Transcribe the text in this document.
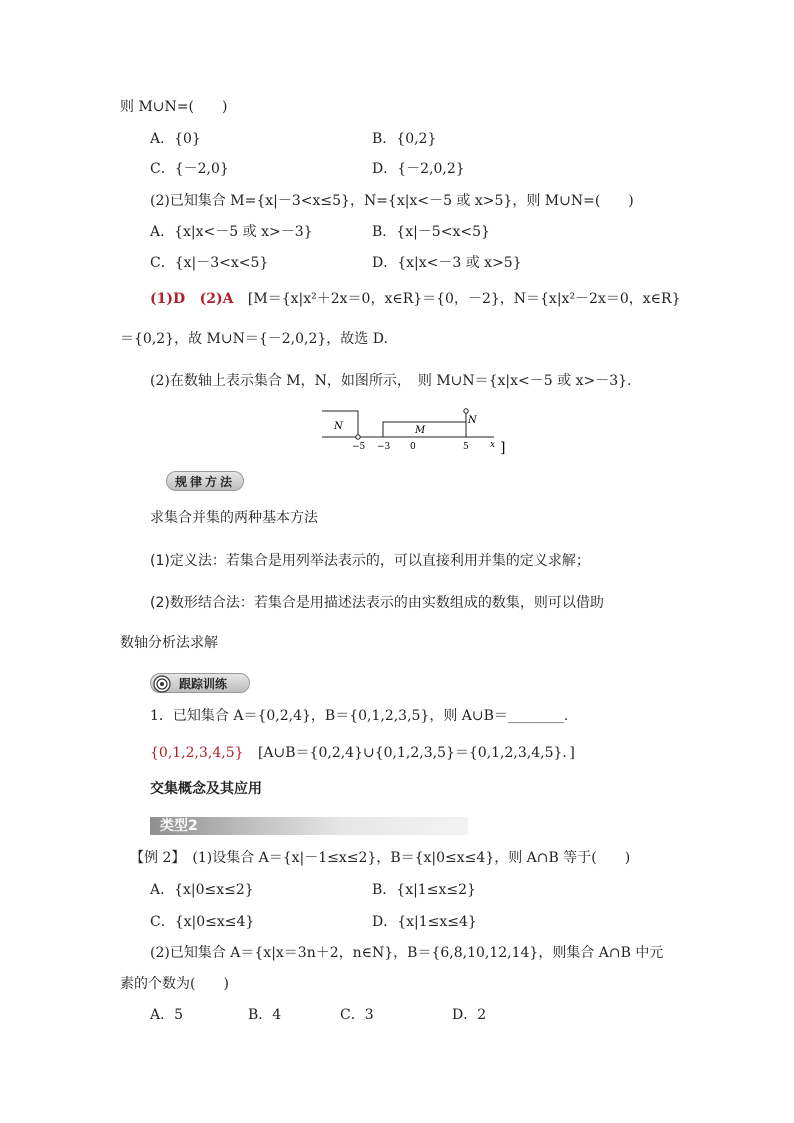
则 M∪N=(　　)
A．{0}	B．{0,2}
C．{－2,0}	D．{－2,0,2}
(2)已知集合 M={x|－3<x≤5}，N={x|x<－5 或 x>5}，则 M∪N=(　　)
A．{x|x<－5 或 x>－3}	B．{x|－5<x<5}
C．{x|－3<x<5}	D．{x|x<－3 或 x>5}
(1)D (2)A [M＝{x|x²＋2x＝0，x∈R}＝{0，－2}，N＝{x|x²－2x＝0，x∈R}
＝{0,2}，故 M∪N＝{－2,0,2}，故选 D.
(2)在数轴上表示集合 M，N，如图所示，　则 M∪N＝{x|x<－5 或 x>－3}.
N	M
N
−5 −3 0	5 x ]
规律方法
求集合并集的两种基本方法
(1)定义法：若集合是用列举法表示的，可以直接利用并集的定义求解；
(2)数形结合法：若集合是用描述法表示的由实数组成的数集，则可以借助
数轴分析法求解
跟踪训练
1．已知集合 A＝{0,2,4}，B＝{0,1,2,3,5}，则 A∪B＝________.
{0,1,2,3,4,5} [A∪B＝{0,2,4}∪{0,1,2,3,5}＝{0,1,2,3,4,5}．]
交集概念及其应用
类型2
【例 2】　(1)设集合 A＝{x|－1≤x≤2}，B＝{x|0≤x≤4}，则 A∩B 等于(　　)
A．{x|0≤x≤2}	B．{x|1≤x≤2}
C．{x|0≤x≤4}	D．{x|1≤x≤4}
(2)已知集合 A＝{x|x＝3n＋2，n∈N}，B＝{6,8,10,12,14}，则集合 A∩B 中元
素的个数为(　　)
A．5	B．4	C．3	D．2
